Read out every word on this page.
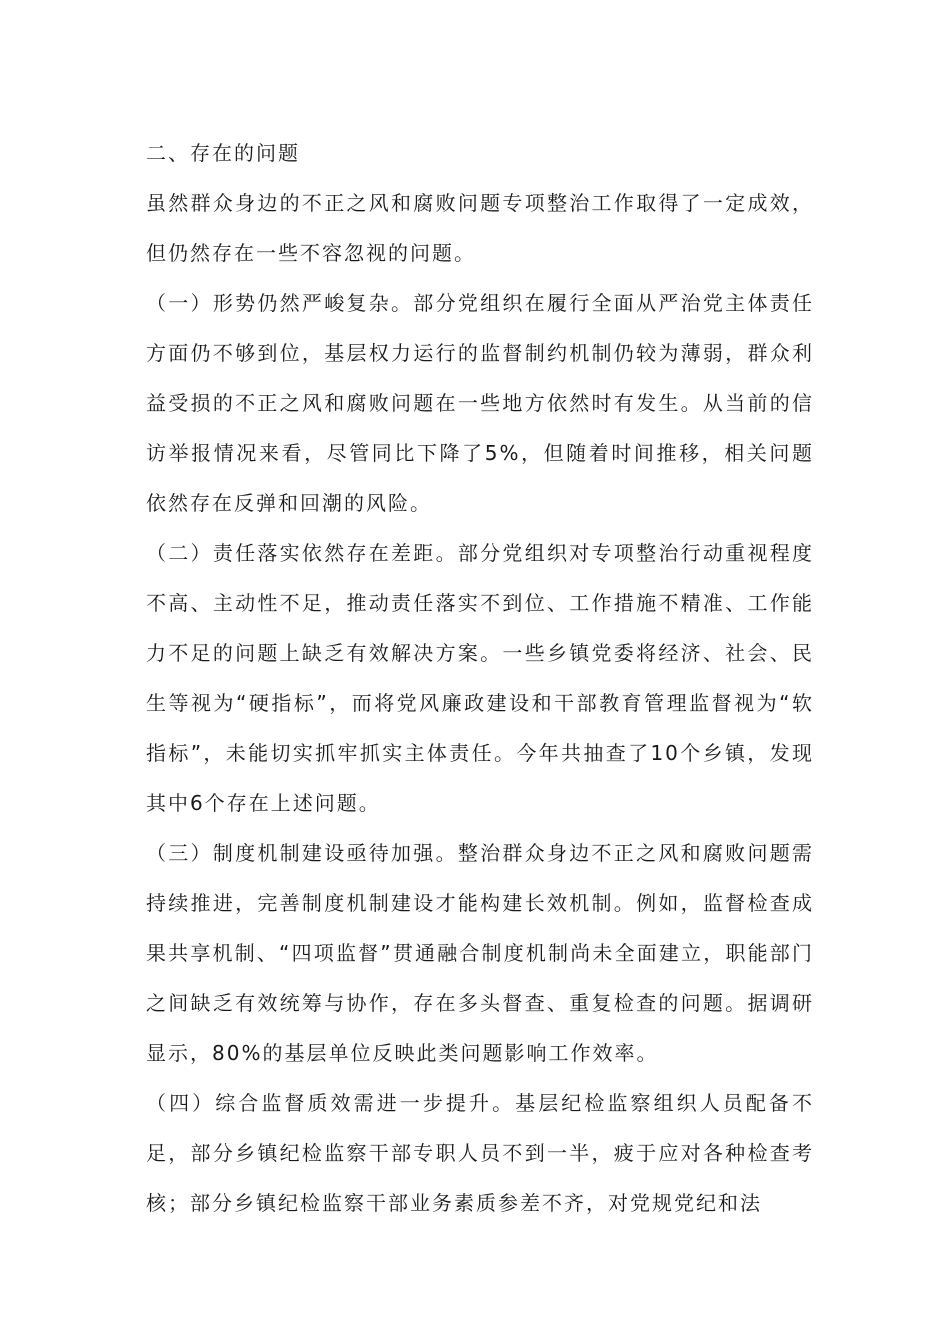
二、存在的问题

虽然群众身边的不正之风和腐败问题专项整治工作取得了一定成效，但仍然存在一些不容忽视的问题。

（一）形势仍然严峻复杂。部分党组织在履行全面从严治党主体责任方面仍不够到位，基层权力运行的监督制约机制仍较为薄弱，群众利益受损的不正之风和腐败问题在一些地方依然时有发生。从当前的信访举报情况来看，尽管同比下降了5%，但随着时间推移，相关问题依然存在反弹和回潮的风险。

（二）责任落实依然存在差距。部分党组织对专项整治行动重视程度不高、主动性不足，推动责任落实不到位、工作措施不精准、工作能力不足的问题上缺乏有效解决方案。一些乡镇党委将经济、社会、民生等视为“硬指标”，而将党风廉政建设和干部教育管理监督视为“软指标”，未能切实抓牢抓实主体责任。今年共抽查了10个乡镇，发现其中6个存在上述问题。

（三）制度机制建设亟待加强。整治群众身边不正之风和腐败问题需持续推进，完善制度机制建设才能构建长效机制。例如，监督检查成果共享机制、“四项监督”贯通融合制度机制尚未全面建立，职能部门之间缺乏有效统筹与协作，存在多头督查、重复检查的问题。据调研显示，80%的基层单位反映此类问题影响工作效率。

（四）综合监督质效需进一步提升。基层纪检监察组织人员配备不足，部分乡镇纪检监察干部专职人员不到一半，疲于应对各种检查考核；部分乡镇纪检监察干部业务素质参差不齐，对党规党纪和法
